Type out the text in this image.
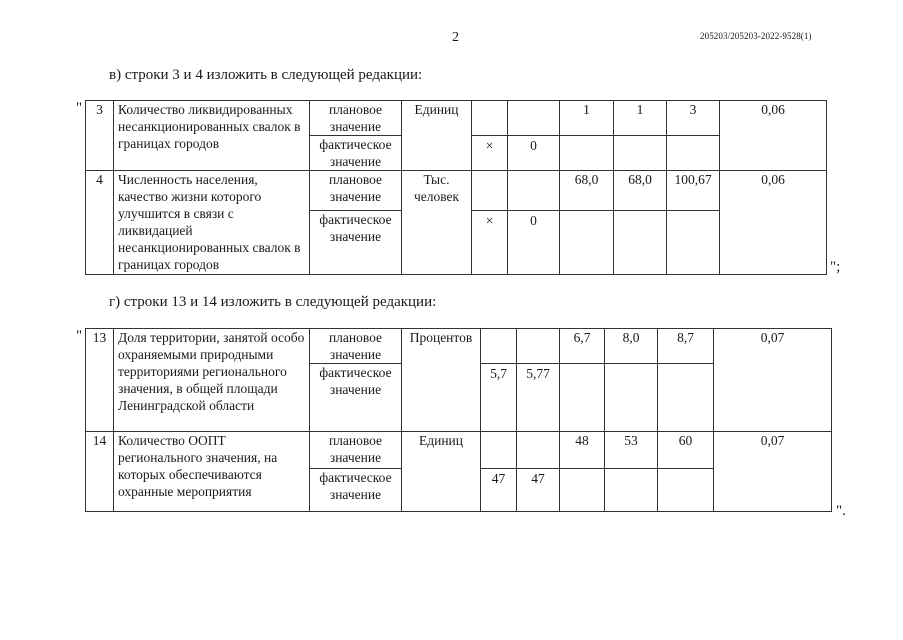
2	205203/205203-2022-9528(1)
в) строки 3 и 4 изложить в следующей редакции:
" 3	Количество ликвидированных несанкционированных свалок в границах городов	плановое значение	Единиц			1	1	3	0,06
		фактическое значение		×	0				
4	Численность населения, качество жизни которого улучшится в связи с ликвидацией несанкционированных свалок в границах городов	плановое значение	Тыс. человек			68,0	68,0	100,67	0,06
		фактическое значение		×	0				
";
г) строки 13 и 14 изложить в следующей редакции:
" 13	Доля территории, занятой особо охраняемыми природными территориями регионального значения, в общей площади Ленинградской области	плановое значение	Процентов			6,7	8,0	8,7	0,07
		фактическое значение		5,7	5,77				
14	Количество ООПТ регионального значения, на которых обеспечиваются охранные мероприятия	плановое значение	Единиц			48	53	60	0,07
		фактическое значение		47	47				
".
